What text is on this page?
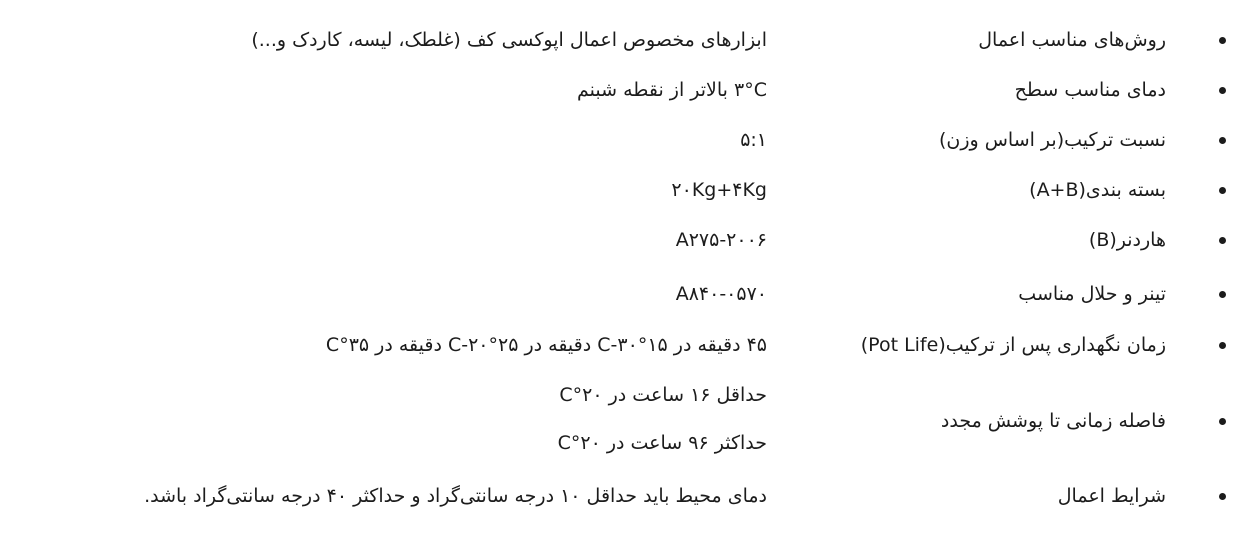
روش‌های مناسب اعمال
ابزارهای مخصوص اعمال اپوکسی کف (غلطک، لیسه، کاردک و...)
دمای مناسب سطح
۳°C بالاتر از نقطه شبنم
نسبت ترکیب(بر اساس وزن)
۵:۱
بسته بندی(A+B)
۲۰Kg+۴Kg
هاردنر(B)
A۲۷۵-۲۰۰۶
تینر و حلال مناسب
A۸۴۰-۰۵۷۰
زمان نگهداری پس از ترکیب(Pot Life)
۴۵ دقیقه در ۱۵°C-۳۰ دقیقه در ۲۵°C-۲۰ دقیقه در ۳۵°C
فاصله زمانی تا پوشش مجدد
حداقل ۱۶ ساعت در ۲۰°C
حداکثر ۹۶ ساعت در ۲۰°C
شرایط اعمال
دمای محیط باید حداقل ۱۰ درجه سانتی‌گراد و حداکثر ۴۰ درجه سانتی‌گراد باشد.
